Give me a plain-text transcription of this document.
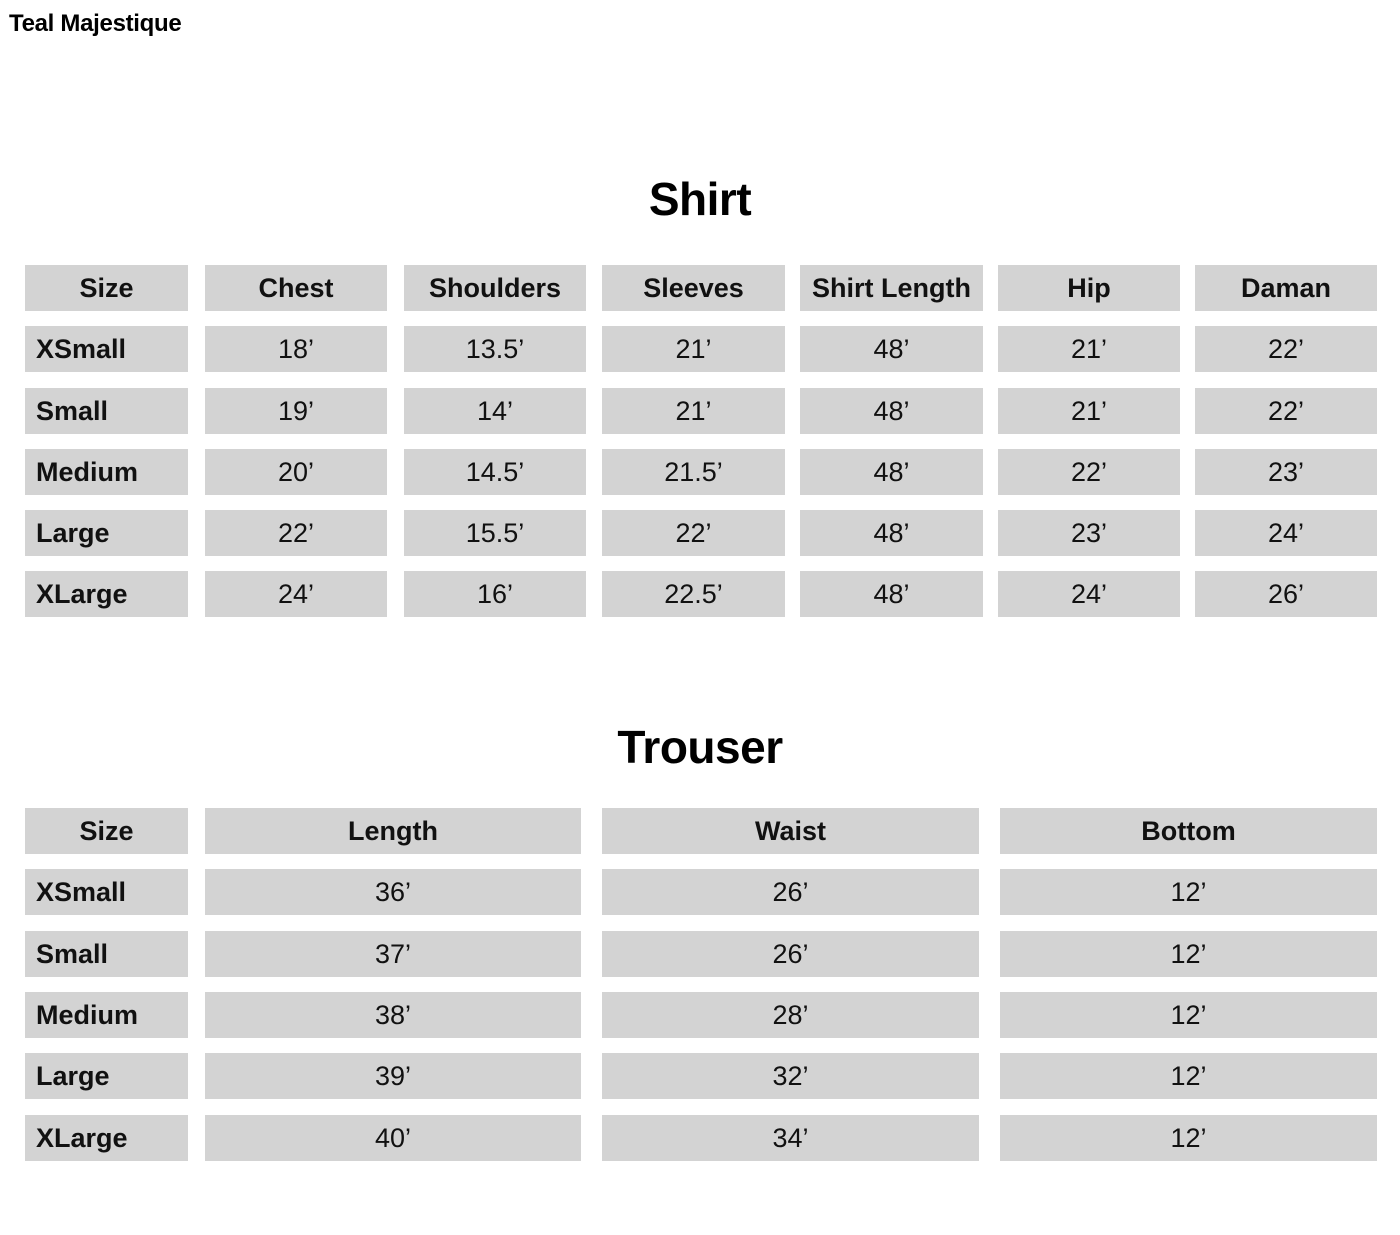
Teal Majestique
Shirt
Size	Chest	Shoulders	Sleeves	Shirt Length	Hip	Daman
XSmall	18’	13.5’	21’	48’	21’	22’
Small	19’	14’	21’	48’	21’	22’
Medium	20’	14.5’	21.5’	48’	22’	23’
Large	22’	15.5’	22’	48’	23’	24’
XLarge	24’	16’	22.5’	48’	24’	26’
Trouser
Size	Length	Waist	Bottom
XSmall	36’	26’	12’
Small	37’	26’	12’
Medium	38’	28’	12’
Large	39’	32’	12’
XLarge	40’	34’	12’
